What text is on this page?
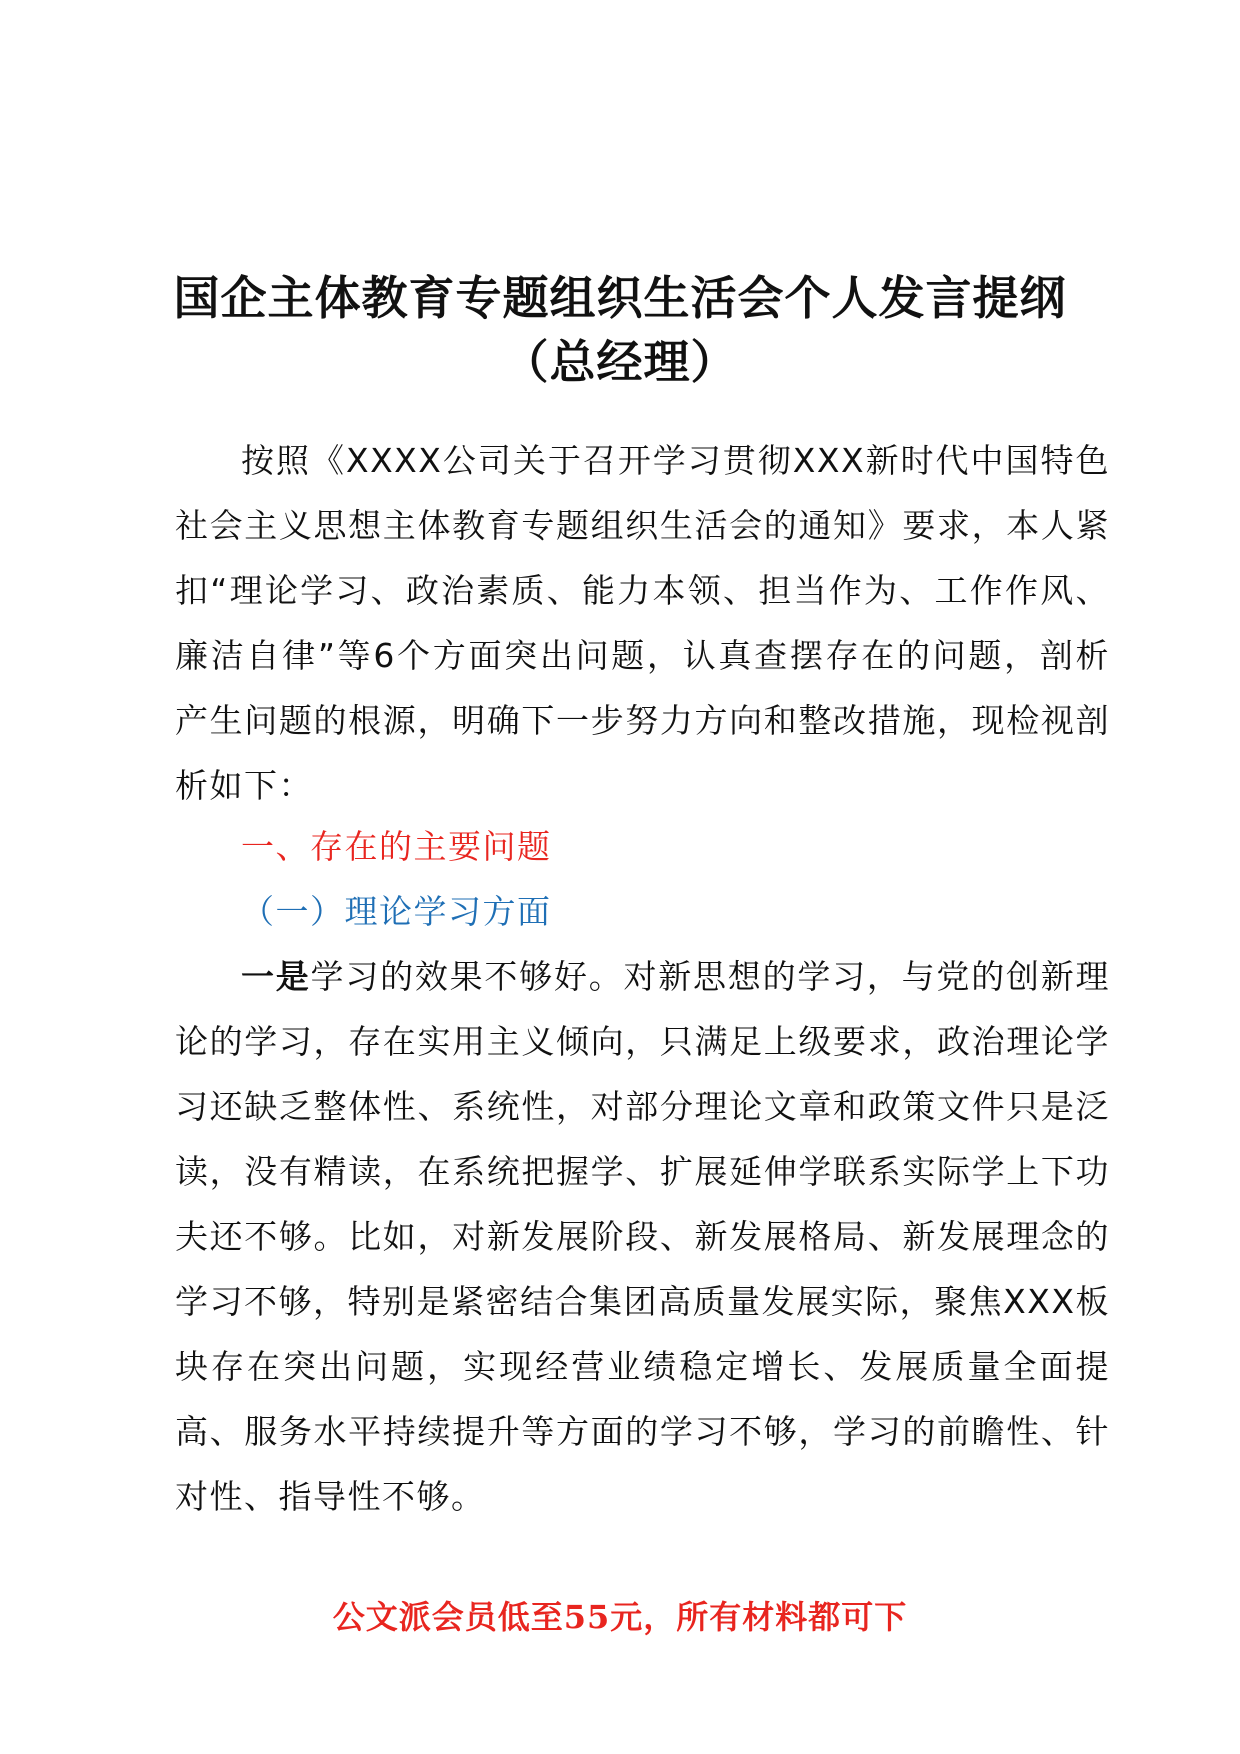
国企主体教育专题组织生活会个人发言提纲
（总经理）
按照《XXXX公司关于召开学习贯彻XXX新时代中国特色社会主义思想主体教育专题组织生活会的通知》要求，本人紧扣“理论学习、政治素质、能力本领、担当作为、工作作风、廉洁自律”等6个方面突出问题，认真查摆存在的问题，剖析产生问题的根源，明确下一步努力方向和整改措施，现检视剖析如下：
一、存在的主要问题
（一）理论学习方面
一是学习的效果不够好。对新思想的学习，与党的创新理论的学习，存在实用主义倾向，只满足上级要求，政治理论学习还缺乏整体性、系统性，对部分理论文章和政策文件只是泛读，没有精读，在系统把握学、扩展延伸学联系实际学上下功夫还不够。比如，对新发展阶段、新发展格局、新发展理念的学习不够，特别是紧密结合集团高质量发展实际，聚焦XXX板块存在突出问题，实现经营业绩稳定增长、发展质量全面提高、服务水平持续提升等方面的学习不够，学习的前瞻性、针对性、指导性不够。
公文派会员低至55元，所有材料都可下
